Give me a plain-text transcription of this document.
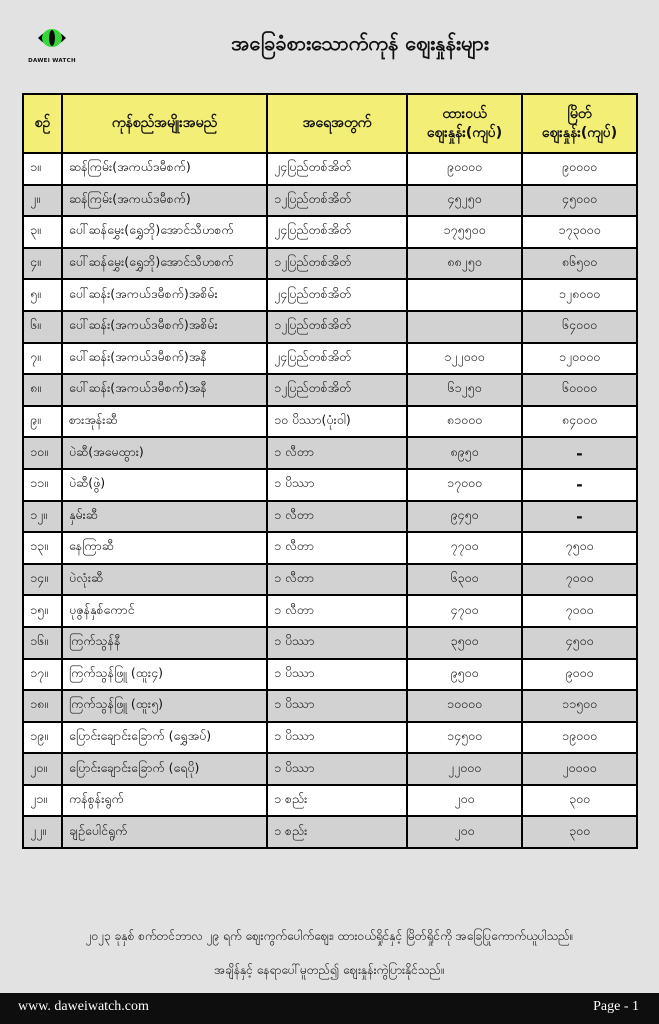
DAWEI WATCH
အခြေခံစားသောက်ကုန် ဈေးနှုန်းများ
စဥ်	ကုန်စည်အမျိုးအမည်	အရေအတွက်	ထားဝယ် ဈေးနှုန်း(ကျပ်)	မြိတ် ဈေးနှုန်း(ကျပ်)
၁။	ဆန်ကြမ်း(အကယ်ဒမီစက်)	၂၄ပြည်တစ်အိတ်	၉၀၀၀၀	၉၀၀၀၀
၂။	ဆန်ကြမ်း(အကယ်ဒမီစက်)	၁၂ပြည်တစ်အိတ်	၄၅၂၅၀	၄၅၀၀၀
၃။	ပေါ်ဆန်မွှေး(ရွှေဘို)အောင်သီဟစက်	၂၄ပြည်တစ်အိတ်	၁၇၅၅၀၀	၁၇၃၀၀၀
၄။	ပေါ်ဆန်မွှေး(ရွှေဘို)အောင်သီဟစက်	၁၂ပြည်တစ်အိတ်	၈၈၂၅၀	၈၆၅၀၀
၅။	ပေါ်ဆန်း(အကယ်ဒမီစက်)အစိမ်း	၂၄ပြည်တစ်အိတ်		၁၂၈၀၀၀
၆။	ပေါ်ဆန်း(အကယ်ဒမီစက်)အစိမ်း	၁၂ပြည်တစ်အိတ်		၆၄၀၀၀
၇။	ပေါ်ဆန်း(အကယ်ဒမီစက်)အနီ	၂၄ပြည်တစ်အိတ်	၁၂၂၀၀၀	၁၂၀၀၀၀
၈။	ပေါ်ဆန်း(အကယ်ဒမီစက်)အနီ	၁၂ပြည်တစ်အိတ်	၆၁၂၅၀	၆၀၀၀၀
၉။	စားအုန်းဆီ	၁၀ ပိဿာ(ပုံးဝါ)	၈၁၀၀၀	၈၄၀၀၀
၁၀။	ပဲဆီ(အမေထွား)	၁ လီတာ	၈၉၅၀	-
၁၁။	ပဲဆီ(ဖွဲ)	၁ ပိဿာ	၁၇၀၀၀	-
၁၂။	နှမ်းဆီ	၁ လီတာ	၉၄၅၀	-
၁၃။	နေကြာဆီ	၁ လီတာ	၇၇၀၀	၇၅၀၀
၁၄။	ပဲလုံးဆီ	၁ လီတာ	၆၃၀၀	၇၀၀၀
၁၅။	ပုဇွန်နှစ်ကောင်	၁ လီတာ	၄၇၀၀	၇၀၀၀
၁၆။	ကြက်သွန်နီ	၁ ပိဿာ	၃၅၀၀	၄၅၀၀
၁၇။	ကြက်သွန်ဖြူ (ထူး၄)	၁ ပိဿာ	၉၅၀၀	၉၀၀၀
၁၈။	ကြက်သွန်ဖြူ (ထူး၅)	၁ ပိဿာ	၁၀၀၀၀	၁၁၅၀၀
၁၉။	ပြောင်းချောင်းခြောက် (ရွှေအပ်)	၁ ပိဿာ	၁၄၅၀၀	၁၉၀၀၀
၂၀။	ပြောင်းချောင်းခြောက် (ရေပို)	၁ ပိဿာ	၂၂၀၀၀	၂၀၀၀၀
၂၁။	ကန်စွန်းရွက်	၁ စည်း	၂၀၀	၃၀၀
၂၂။	ချဉ်ပေါင်ရွက်	၁ စည်း	၂၀၀	၃၀၀
၂၀၂၃ ခုနှစ် စက်တင်ဘာလ ၂၉ ရက် ဈေးကွက်ပေါက်ဈေး၊ ထားဝယ်ရှိုင်နှင့် မြိတ်ရှိုင်ကို အခြေပြုကောက်ယူပါသည်။
အချိန်နှင့် နေရာပေါ်မူတည်၍ ဈေးနှုန်းကွဲပြားနိုင်သည်။
www. daweiwatch.com	Page - 1
